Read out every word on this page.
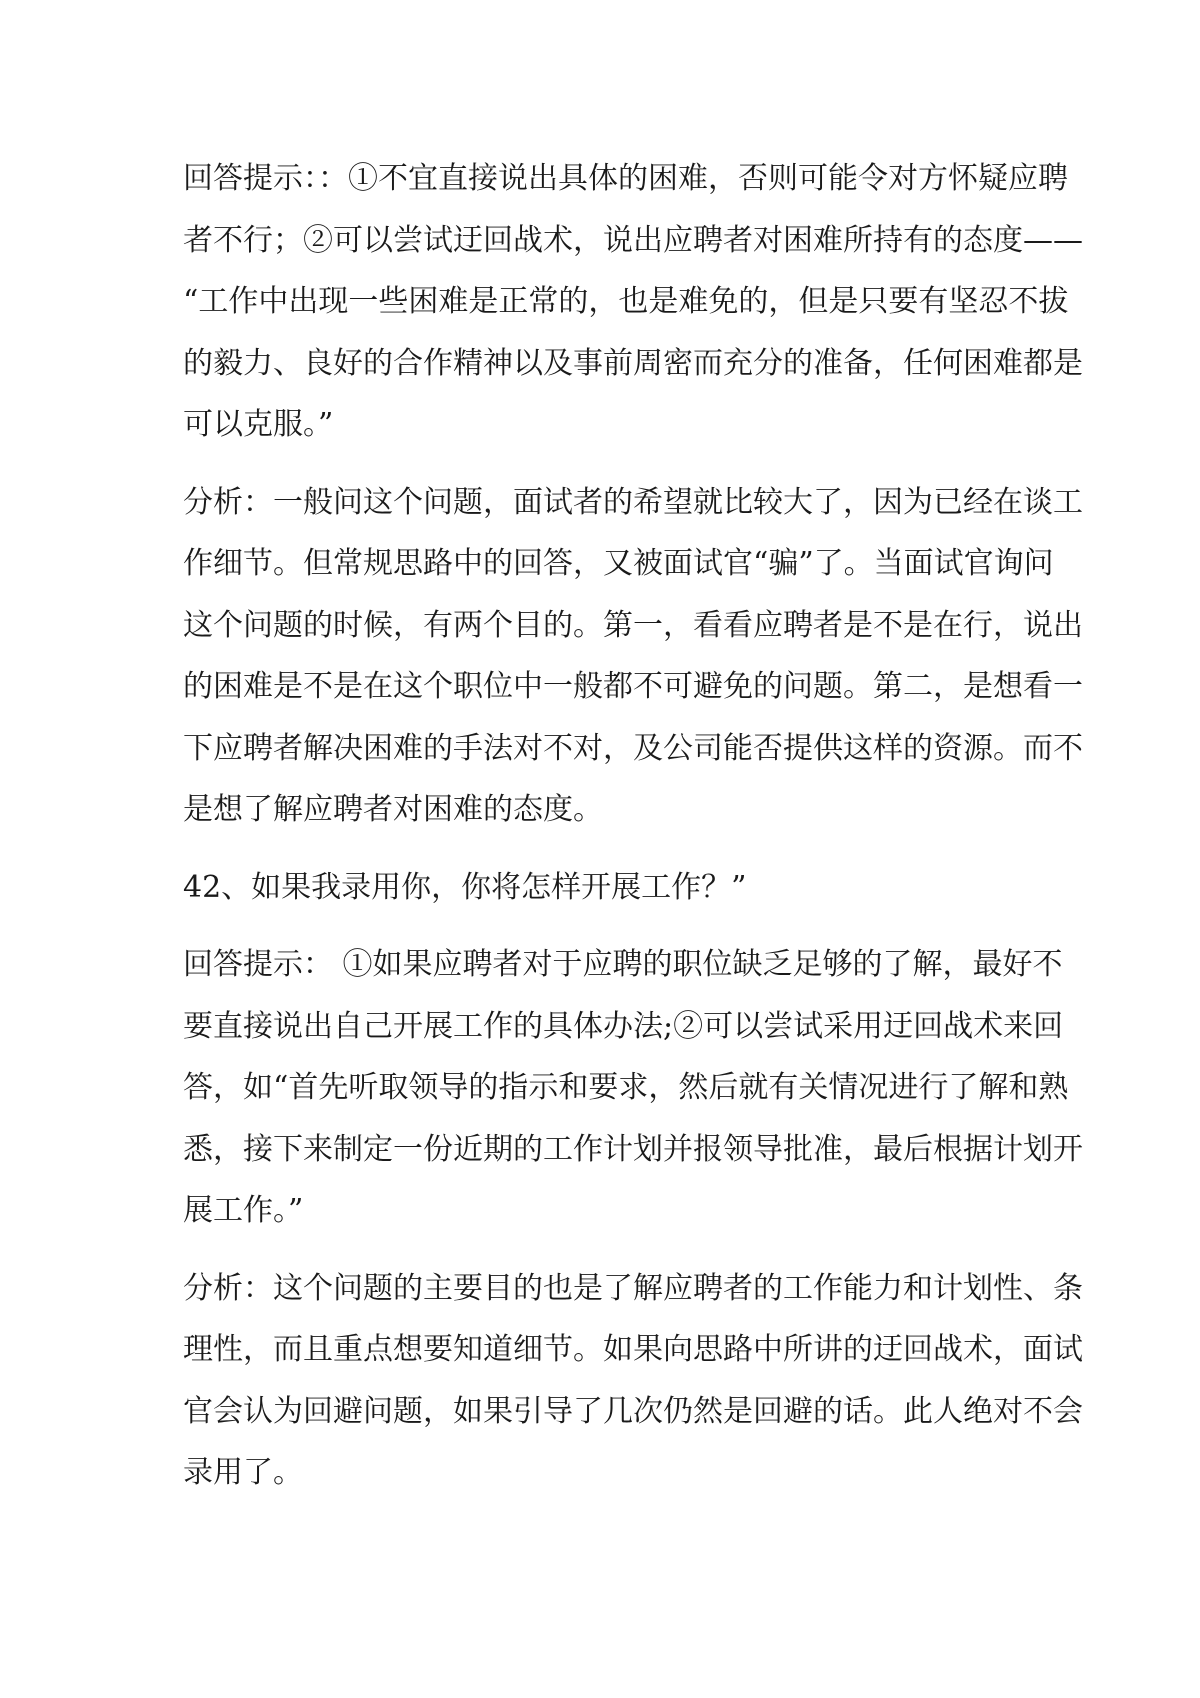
回答提示：：①不宜直接说出具体的困难，否则可能令对方怀疑应聘
者不行；②可以尝试迂回战术，说出应聘者对困难所持有的态度——
“工作中出现一些困难是正常的，也是难免的，但是只要有坚忍不拔
的毅力、良好的合作精神以及事前周密而充分的准备，任何困难都是
可以克服。”
分析：一般问这个问题，面试者的希望就比较大了，因为已经在谈工
作细节。但常规思路中的回答，又被面试官“骗”了。当面试官询问
这个问题的时候，有两个目的。第一，看看应聘者是不是在行，说出
的困难是不是在这个职位中一般都不可避免的问题。第二，是想看一
下应聘者解决困难的手法对不对，及公司能否提供这样的资源。而不
是想了解应聘者对困难的态度。
42、如果我录用你，你将怎样开展工作？”
回答提示： ①如果应聘者对于应聘的职位缺乏足够的了解，最好不
要直接说出自己开展工作的具体办法;②可以尝试采用迂回战术来回
答，如“首先听取领导的指示和要求，然后就有关情况进行了解和熟
悉，接下来制定一份近期的工作计划并报领导批准，最后根据计划开
展工作。”
分析：这个问题的主要目的也是了解应聘者的工作能力和计划性、条
理性，而且重点想要知道细节。如果向思路中所讲的迂回战术，面试
官会认为回避问题，如果引导了几次仍然是回避的话。此人绝对不会
录用了。
